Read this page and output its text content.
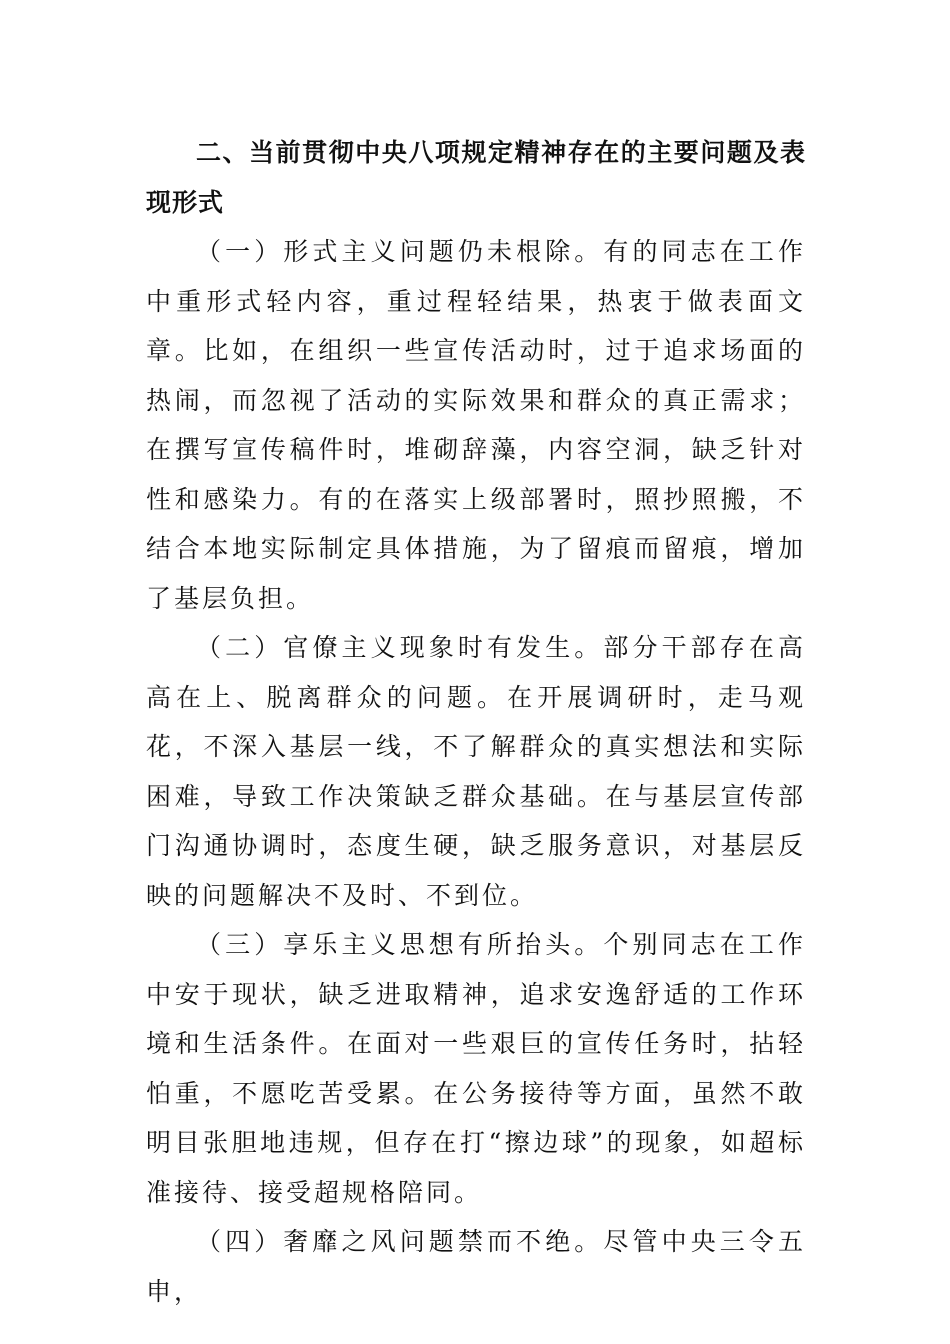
二、当前贯彻中央八项规定精神存在的主要问题及表现形式

（一）形式主义问题仍未根除。有的同志在工作中重形式轻内容，重过程轻结果，热衷于做表面文章。比如，在组织一些宣传活动时，过于追求场面的热闹，而忽视了活动的实际效果和群众的真正需求；在撰写宣传稿件时，堆砌辞藻，内容空洞，缺乏针对性和感染力。有的在落实上级部署时，照抄照搬，不结合本地实际制定具体措施，为了留痕而留痕，增加了基层负担。

（二）官僚主义现象时有发生。部分干部存在高高在上、脱离群众的问题。在开展调研时，走马观花，不深入基层一线，不了解群众的真实想法和实际困难，导致工作决策缺乏群众基础。在与基层宣传部门沟通协调时，态度生硬，缺乏服务意识，对基层反映的问题解决不及时、不到位。

（三）享乐主义思想有所抬头。个别同志在工作中安于现状，缺乏进取精神，追求安逸舒适的工作环境和生活条件。在面对一些艰巨的宣传任务时，拈轻怕重，不愿吃苦受累。在公务接待等方面，虽然不敢明目张胆地违规，但存在打“擦边球”的现象，如超标准接待、接受超规格陪同。

（四）奢靡之风问题禁而不绝。尽管中央三令五申，
